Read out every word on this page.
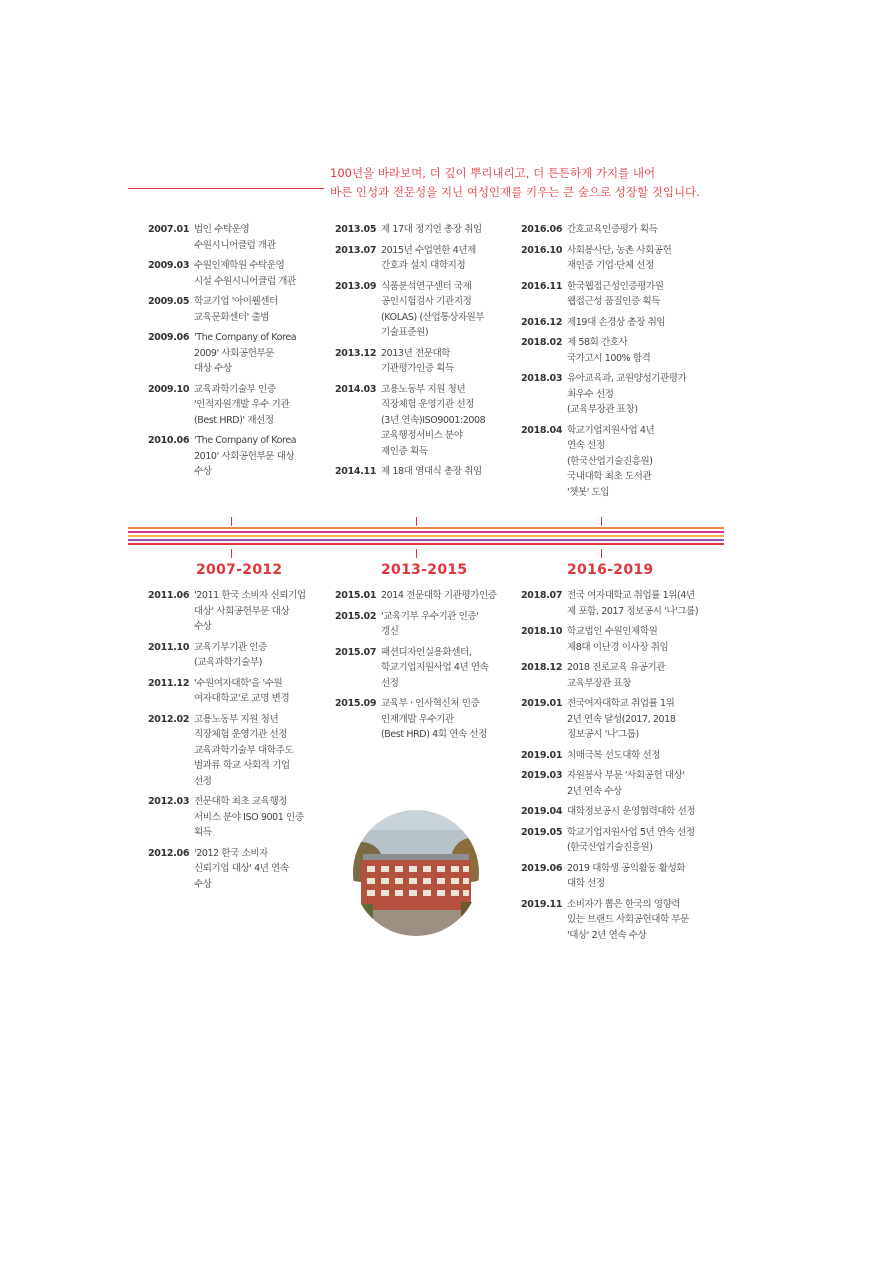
100년을 바라보며, 더 깊이 뿌리내리고, 더 튼튼하게 가지를 내어
바른 인성과 전문성을 지닌 여성인재를 키우는 큰 숲으로 성장할 것입니다.
2007.01 법인 수탁운영
수원시니어클럽 개관
2009.03 수원인제학원 수탁운영
시설 수원시니어클럽 개관
2009.05 학교기업 '아이웰센터
교육문화센터' 출범
2009.06 'The Company of Korea
2009' 사회공헌부문
대상 수상
2009.10 교육과학기술부 인증
'인적자원개발 우수 기관
(Best HRD)' 재선정
2010.06 'The Company of Korea
2010' 사회공헌부문 대상
수상
2013.05 제 17대 정기언 총장 취임
2013.07 2015년 수업연한 4년제
간호과 설치 대학지정
2013.09 식품분석연구센터 국제
공인시험검사 기관지정
(KOLAS) (산업통상자원부
기술표준원)
2013.12 2013년 전문대학
기관평가인증 획득
2014.03 고용노동부 지원 청년
직장체험 운영기관 선정
(3년 연속)ISO9001:2008
교육행정서비스 분야
재인증 획득
2014.11 제 18대 염대식 총장 취임
2016.06 간호교육인증평가 획득
2016.10 사회봉사단, 농촌 사회공헌
재인증 기업·단체 선정
2016.11 한국웹접근성인증평가원
웹접근성 품질인증 획득
2016.12 제19대 손경상 총장 취임
2018.02 제 58회 간호사
국가고시 100% 합격
2018.03 유아교육과, 교원양성기관평가
최우수 선정
(교육부장관 표창)
2018.04 학교기업지원사업 4년
연속 선정
(한국산업기술진흥원)
국내대학 최초 도서관
'챗봇' 도입
2007-2012	2013-2015	2016-2019
2011.06 '2011 한국 소비자 신뢰기업
대상' 사회공헌부문 대상
수상
2011.10 교육기부기관 인증
(교육과학기술부)
2011.12 '수원여자대학'을 '수원
여자대학교'로 교명 변경
2012.02 고용노동부 지원 청년
직장체험 운영기관 선정
교육과학기술부 대학주도
범과류 학교 사회적 기업
선정
2012.03 전문대학 최초 교육행정
서비스 분야 ISO 9001 인증
획득
2012.06 '2012 한국 소비자
신뢰기업 대상' 4년 연속
수상
2015.01 2014 전문대학 기관평가인증
2015.02 '교육기부 우수기관 인증'
갱신
2015.07 패션디자인실용화센터,
학교기업지원사업 4년 연속
선정
2015.09 교육부 · 인사혁신처 인증
인재개발 우수기관
(Best HRD) 4회 연속 선정
2018.07 전국 여자대학교 취업률 1위(4년
제 포함, 2017 정보공시 '나'그룹)
2018.10 학교법인 수원인제학원
제8대 이난경 이사장 취임
2018.12 2018 진로교육 유공기관
교육부장관 표창
2019.01 전국여자대학교 취업률 1위
2년 연속 달성(2017, 2018
정보공시 '나'그룹)
2019.01 치매극복 선도대학 선정
2019.03 자원봉사 부문 '사회공헌 대상'
2년 연속 수상
2019.04 대학정보공시 운영협력대학 선정
2019.05 학교기업지원사업 5년 연속 선정
(한국산업기술진흥원)
2019.06 2019 대학생 공익활동 활성화
대학 선정
2019.11 소비자가 뽑은 한국의 영향력
있는 브랜드 사회공헌대학 부문
'대상' 2년 연속 수상
